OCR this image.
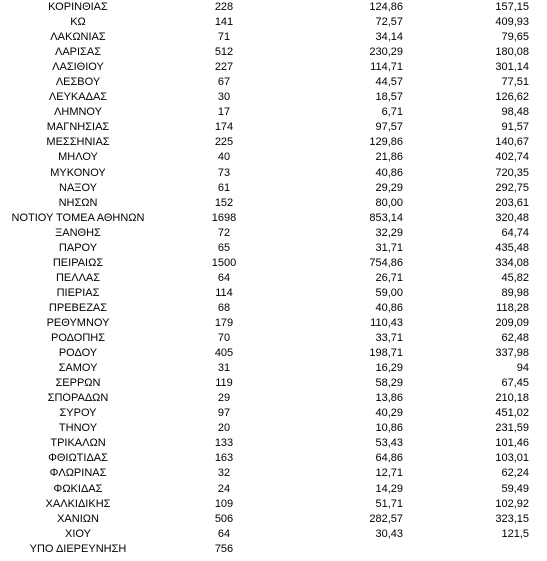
ΚΟΡΙΝΘΙΑΣ	228	124,86	157,15
ΚΩ	141	72,57	409,93
ΛΑΚΩΝΙΑΣ	71	34,14	79,65
ΛΑΡΙΣΑΣ	512	230,29	180,08
ΛΑΣΙΘΙΟΥ	227	114,71	301,14
ΛΕΣΒΟΥ	67	44,57	77,51
ΛΕΥΚΑΔΑΣ	30	18,57	126,62
ΛΗΜΝΟΥ	17	6,71	98,48
ΜΑΓΝΗΣΙΑΣ	174	97,57	91,57
ΜΕΣΣΗΝΙΑΣ	225	129,86	140,67
ΜΗΛΟΥ	40	21,86	402,74
ΜΥΚΟΝΟΥ	73	40,86	720,35
ΝΑΞΟΥ	61	29,29	292,75
ΝΗΣΩΝ	152	80,00	203,61
ΝΟΤΙΟΥ ΤΟΜΕΑ ΑΘΗΝΩΝ	1698	853,14	320,48
ΞΑΝΘΗΣ	72	32,29	64,74
ΠΑΡΟΥ	65	31,71	435,48
ΠΕΙΡΑΙΩΣ	1500	754,86	334,08
ΠΕΛΛΑΣ	64	26,71	45,82
ΠΙΕΡΙΑΣ	114	59,00	89,98
ΠΡΕΒΕΖΑΣ	68	40,86	118,28
ΡΕΘΥΜΝΟΥ	179	110,43	209,09
ΡΟΔΟΠΗΣ	70	33,71	62,48
ΡΟΔΟΥ	405	198,71	337,98
ΣΑΜΟΥ	31	16,29	94
ΣΕΡΡΩΝ	119	58,29	67,45
ΣΠΟΡΑΔΩΝ	29	13,86	210,18
ΣΥΡΟΥ	97	40,29	451,02
ΤΗΝΟΥ	20	10,86	231,59
ΤΡΙΚΑΛΩΝ	133	53,43	101,46
ΦΘΙΩΤΙΔΑΣ	163	64,86	103,01
ΦΛΩΡΙΝΑΣ	32	12,71	62,24
ΦΩΚΙΔΑΣ	24	14,29	59,49
ΧΑΛΚΙΔΙΚΗΣ	109	51,71	102,92
ΧΑΝΙΩΝ	506	282,57	323,15
ΧΙΟΥ	64	30,43	121,5
ΥΠΟ ΔΙΕΡΕΥΝΗΣΗ	756		
